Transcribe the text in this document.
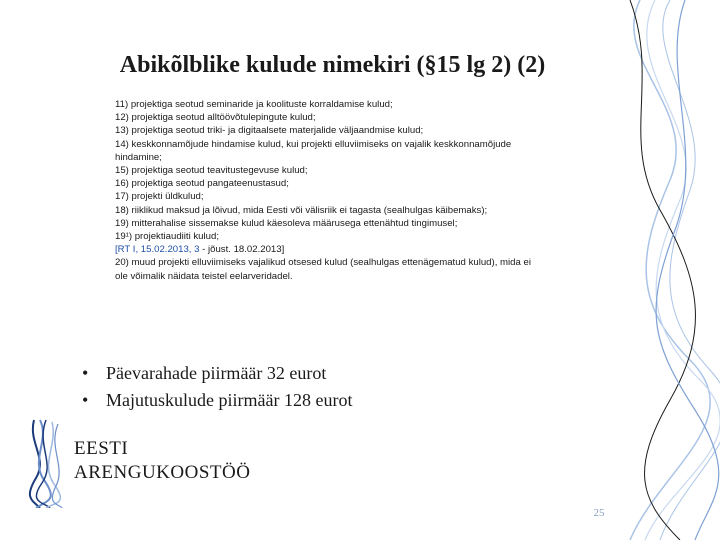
Abikõlblike kulude nimekiri (§15 lg 2) (2)
11) projektiga seotud seminaride ja koolituste korraldamise kulud;
12) projektiga seotud alltöövõtulepingute kulud;
13) projektiga seotud triki- ja digitaalsete materjalide väljaandmise kulud;
14) keskkonnamõjude hindamise kulud, kui projekti elluviimiseks on vajalik keskkonnamõjude
hindamine;
15) projektiga seotud teavitustegevuse kulud;
16) projektiga seotud pangateenustasud;
17) projekti üldkulud;
18) riiklikud maksud ja lõivud, mida Eesti või välisriik ei tagasta (sealhulgas käibemaks);
19) mitterahalise sissemakse kulud käesoleva määrusega ettenähtud tingimusel;
19¹) projektiaudiiti kulud;
[RT I, 15.02.2013, 3 - jõust. 18.02.2013]
20) muud projekti elluviimiseks vajalikud otsesed kulud (sealhulgas ettenägematud kulud), mida ei
ole võimalik näidata teistel eelarveridadel.
• Päevarahade piirmäär 32 eurot
• Majutuskulude piirmäär 128 eurot
EESTI
ARENGUKOOSTÖÖ
25
